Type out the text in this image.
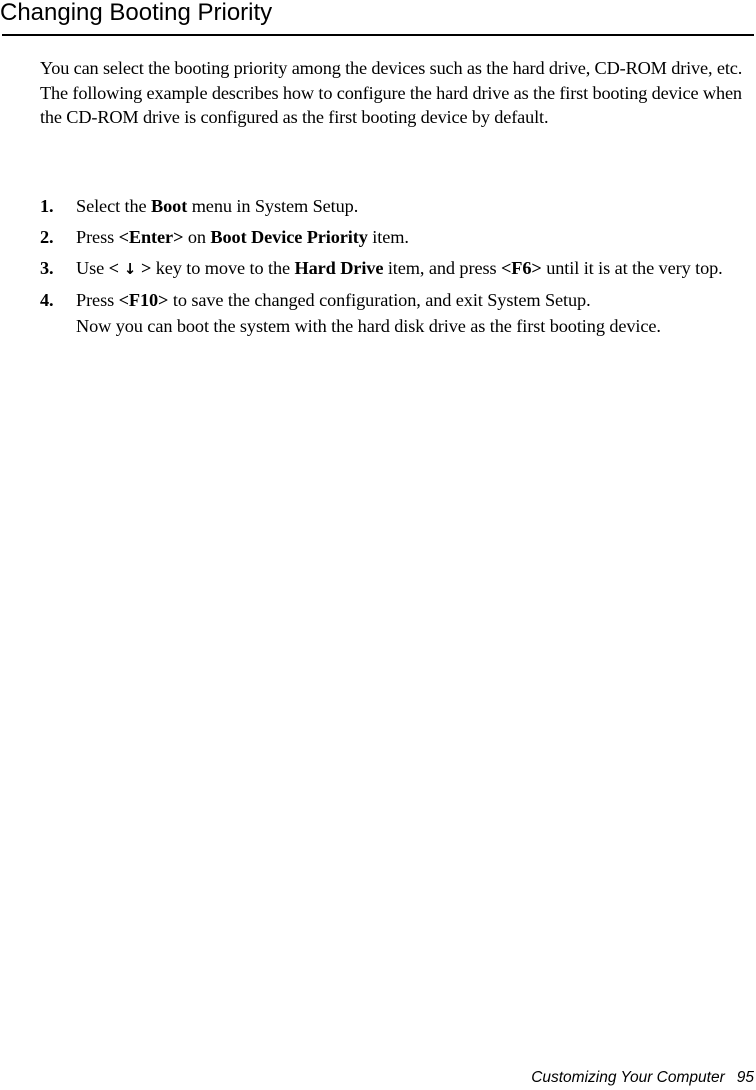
Changing Booting Priority

You can select the booting priority among the devices such as the hard drive, CD-ROM drive, etc. The following example describes how to configure the hard drive as the first booting device when the CD-ROM drive is configured as the first booting device by default.

1. Select the Boot menu in System Setup.
2. Press <Enter> on Boot Device Priority item.
3. Use < ↓ > key to move to the Hard Drive item, and press <F6> until it is at the very top.
4. Press <F10> to save the changed configuration, and exit System Setup.
Now you can boot the system with the hard disk drive as the first booting device.
Customizing Your Computer 95
